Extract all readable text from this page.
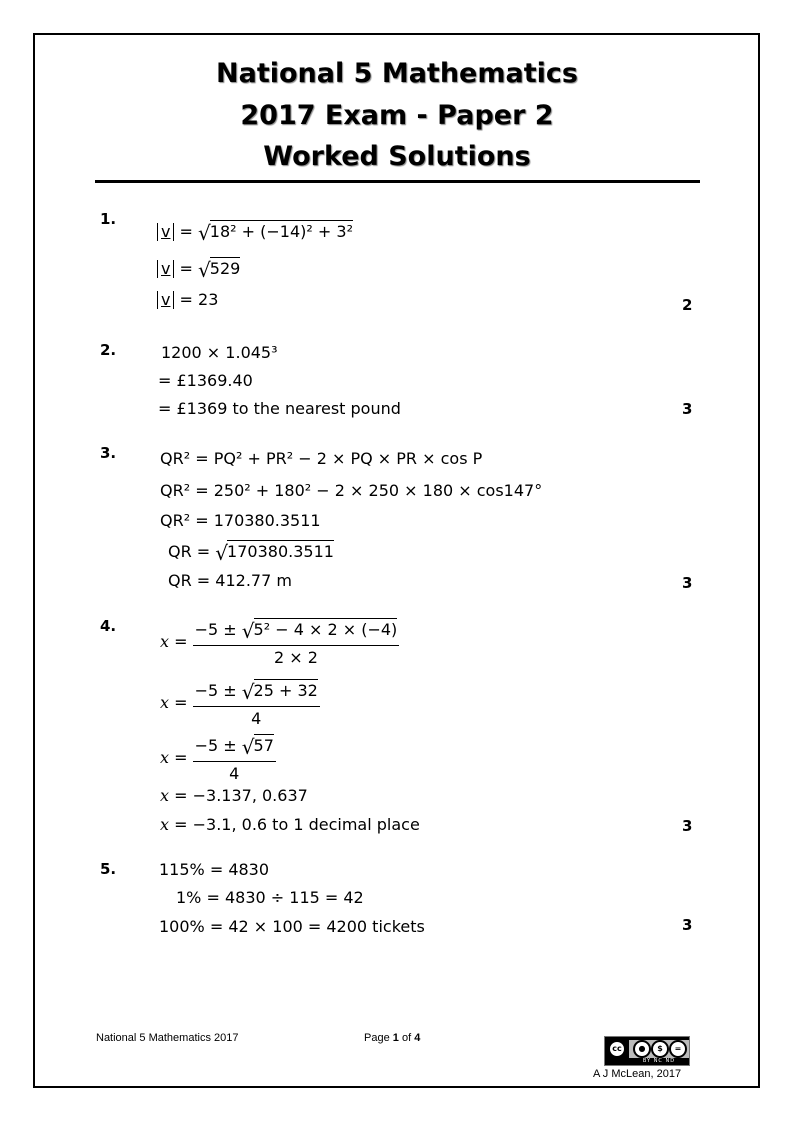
National 5 Mathematics
2017 Exam - Paper 2
Worked Solutions
1.
v = √18² + (−14)² + 3²
v = √529
v = 23	2
2.	1200 × 1.045³
= £1369.40
= £1369 to the nearest pound	3
3.	QR² = PQ² + PR² − 2 × PQ × PR × cos P
QR² = 250² + 180² − 2 × 250 × 180 × cos147°
QR² = 170380.3511
QR = √170380.3511
QR = 412.77 m	3
4.
$x = \frac{\text{−5 ± √5² − 4 × 2 × (−4)}}{2 \times 2}$
$x = \frac{-5 \pm √25 + 32}{4}$
$x = \frac{-5 \pm √57}{4}$
x = −3.137, 0.637
x = −3.1, 0.6 to 1 decimal place	3
5.	115% = 4830
1% = 4830 ÷ 115 = 42
100% = 42 × 100 = 4200 tickets	3
National 5 Mathematics 2017	Page 1 of 4
cc	●	$	=
BY NC ND
A J McLean, 2017
